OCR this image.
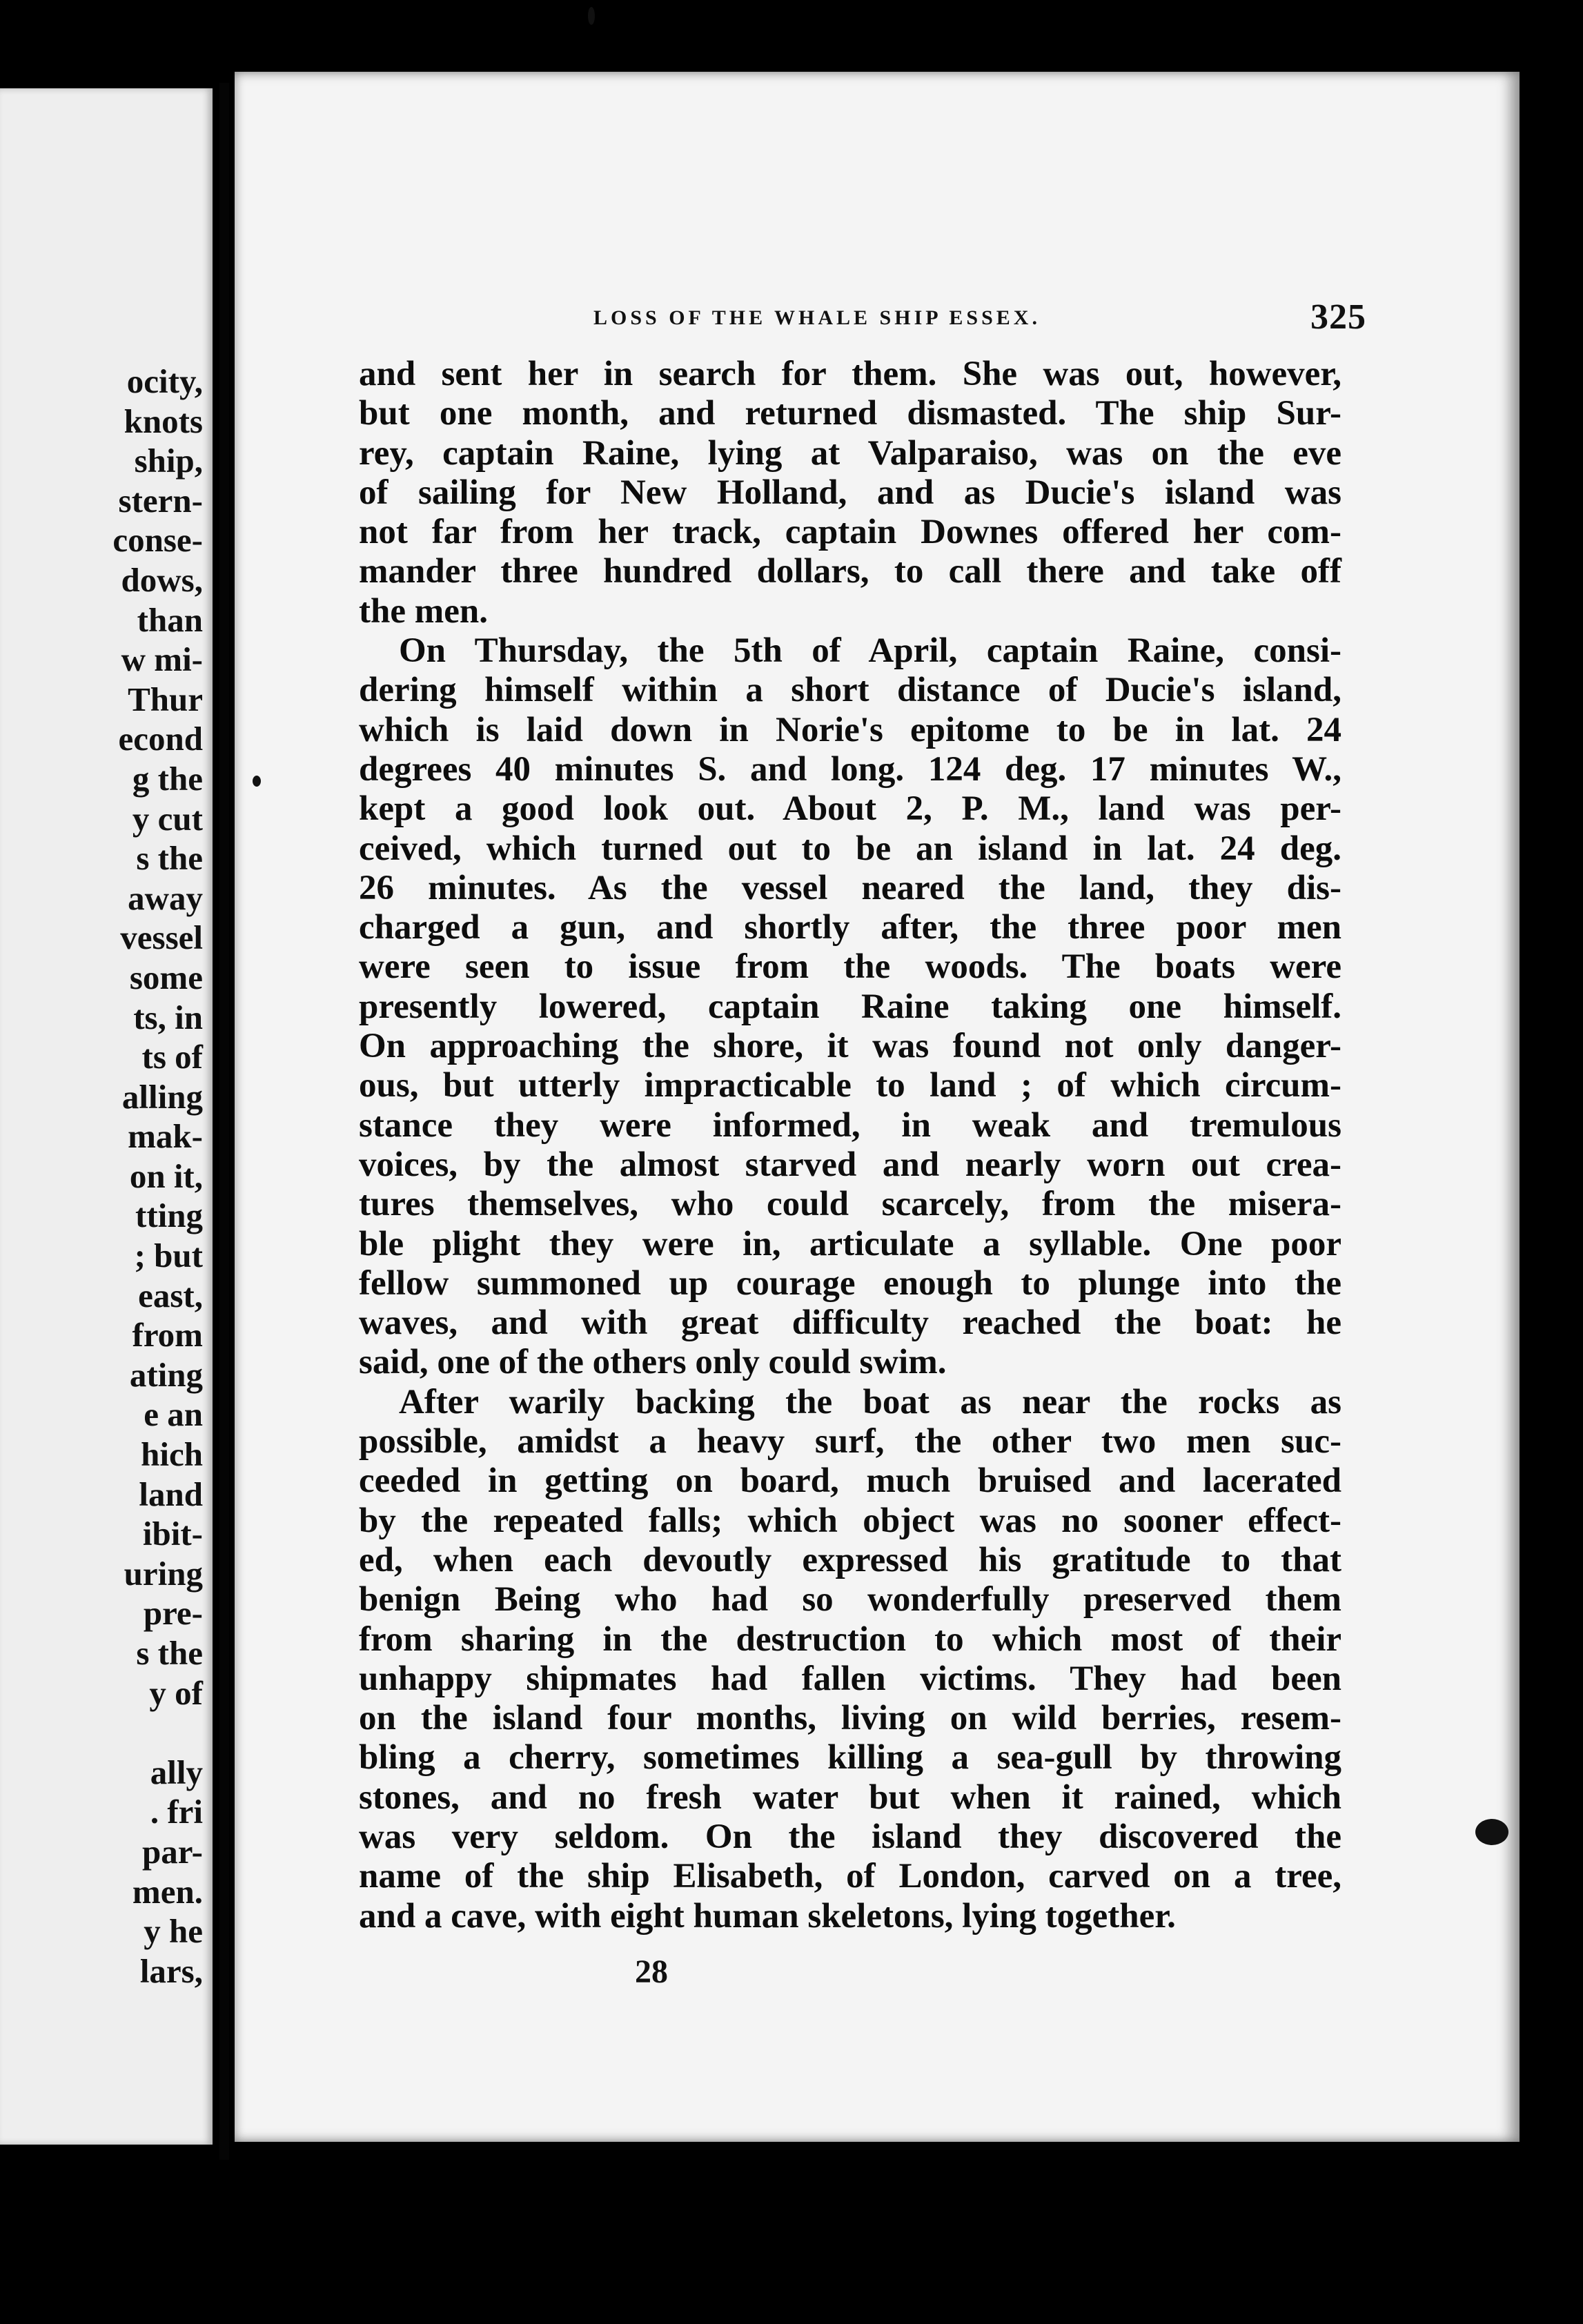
ocity,
knots
ship,
stern-
conse-
dows,
than
w mi-
Thur
econd
g the
y cut
s the
away
vessel
some
ts, in
ts of
alling
mak-
on it,
tting
; but
east,
from
ating
e an
hich
land
ibit-
uring
pre-
s the
y of
ally
. fri
par-
men.
y he
lars,
LOSS OF THE WHALE SHIP ESSEX.	325
and sent her in search for them. She was out, however,
but one month, and returned dismasted. The ship Sur-
rey, captain Raine, lying at Valparaiso, was on the eve
of sailing for New Holland, and as Ducie's island was
not far from her track, captain Downes offered her com-
mander three hundred dollars, to call there and take off
the men.
On Thursday, the 5th of April, captain Raine, consi-
dering himself within a short distance of Ducie's island,
which is laid down in Norie's epitome to be in lat. 24
degrees 40 minutes S. and long. 124 deg. 17 minutes W.,
kept a good look out. About 2, P. M., land was per-
ceived, which turned out to be an island in lat. 24 deg.
26 minutes. As the vessel neared the land, they dis-
charged a gun, and shortly after, the three poor men
were seen to issue from the woods. The boats were
presently lowered, captain Raine taking one himself.
On approaching the shore, it was found not only danger-
ous, but utterly impracticable to land ; of which circum-
stance they were informed, in weak and tremulous
voices, by the almost starved and nearly worn out crea-
tures themselves, who could scarcely, from the misera-
ble plight they were in, articulate a syllable. One poor
fellow summoned up courage enough to plunge into the
waves, and with great difficulty reached the boat: he
said, one of the others only could swim.
After warily backing the boat as near the rocks as
possible, amidst a heavy surf, the other two men suc-
ceeded in getting on board, much bruised and lacerated
by the repeated falls; which object was no sooner effect-
ed, when each devoutly expressed his gratitude to that
benign Being who had so wonderfully preserved them
from sharing in the destruction to which most of their
unhappy shipmates had fallen victims. They had been
on the island four months, living on wild berries, resem-
bling a cherry, sometimes killing a sea-gull by throwing
stones, and no fresh water but when it rained, which
was very seldom. On the island they discovered the
name of the ship Elisabeth, of London, carved on a tree,
and a cave, with eight human skeletons, lying together.
28
